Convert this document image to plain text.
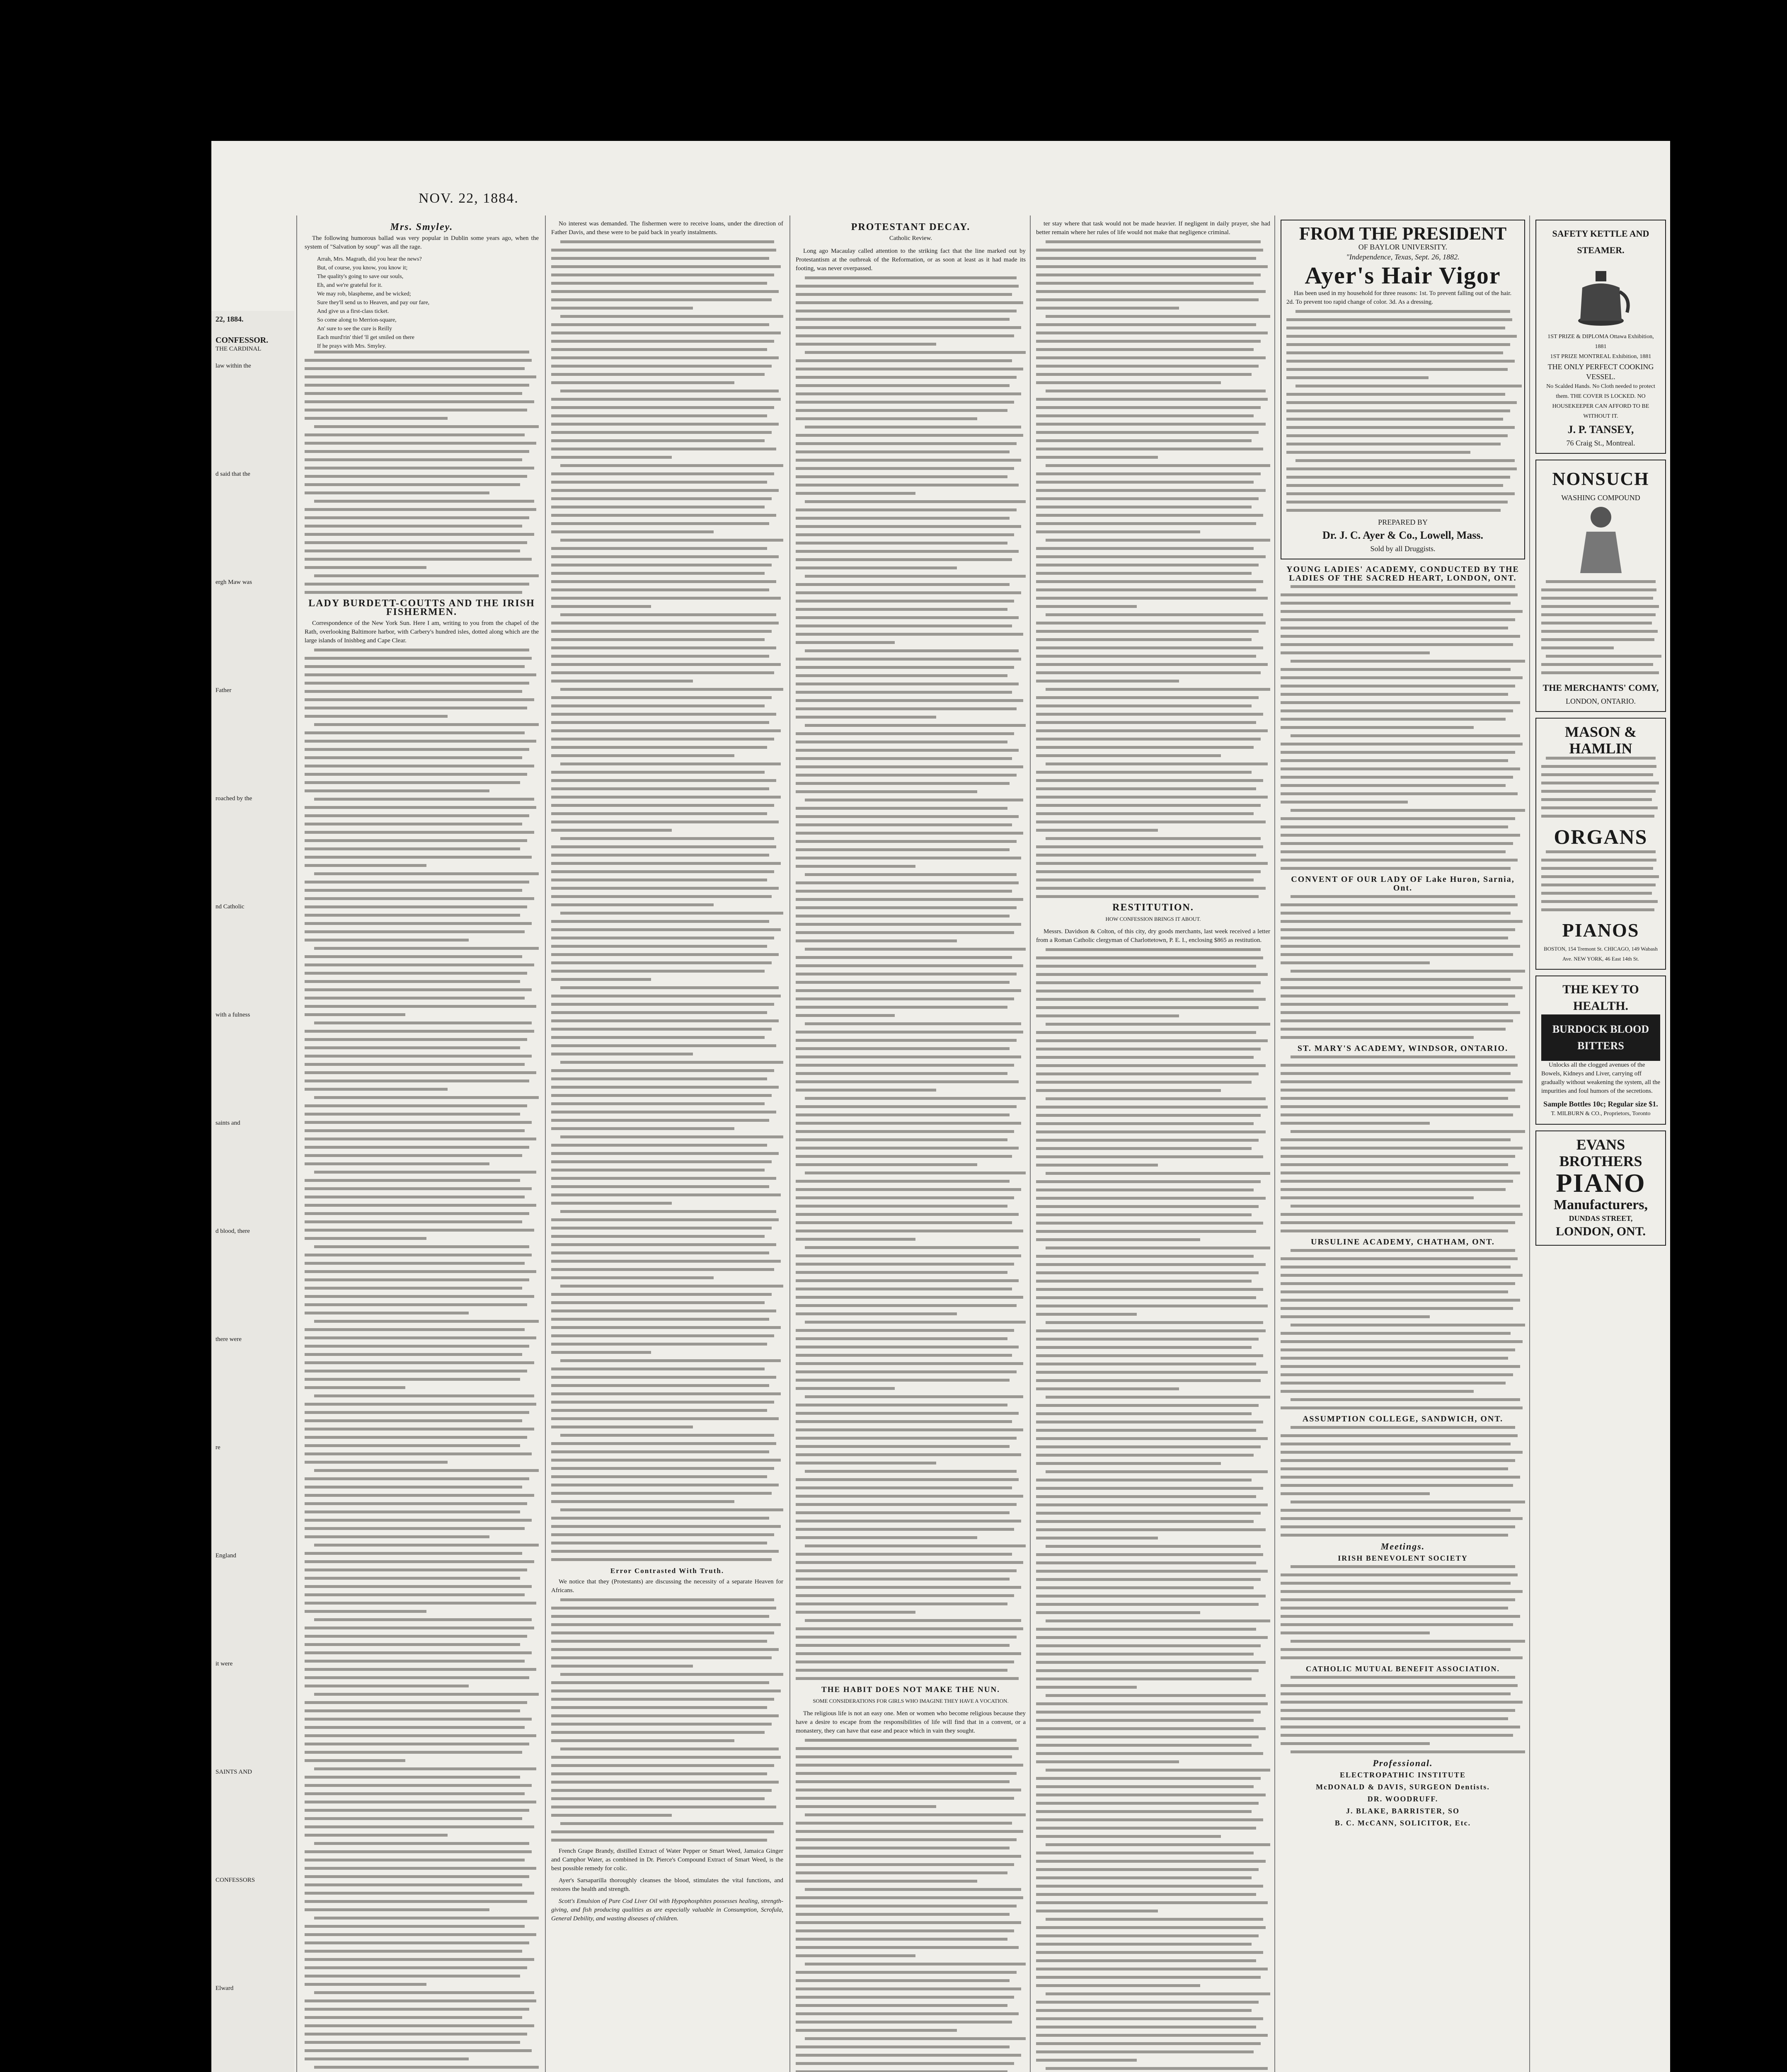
22, 1884.
CONFESSOR.
THE CARDINAL
law within the
d said that the
ergh Maw was
Father
roached by the
nd Catholic
with a fulness
saints and
d blood, there
there were
re
England
it were
SAINTS AND
CONFESSORS
Elward
NOV. 22, 1884.
Mrs. Smyley.

The following humorous ballad was very popular in Dublin some years ago, when the system of "Salvation by soup" was all the rage.

Arrah, Mrs. Magrath, did you hear the news?
But, of course, you know, you know it;
The quality's going to save our souls,
Eh, and we're grateful for it.
We may rob, blaspheme, and be wicked;
Sure they'll send us to Heaven, and pay our fare,
And give us a first-class ticket.
So come along to Merrion-square,
An' sure to see the cure is Reilly
Each murd'rin' thief 'll get smiled on there
If he prays with Mrs. Smyley.
LADY BURDETT-COUTTS AND THE IRISH FISHERMEN.

Correspondence of the New York Sun. Here I am, writing to you from the chapel of the Rath, overlooking Baltimore harbor, with Carbery's hundred isles, dotted along which are the large islands of Inishbeg and Cape Clear.

No interest was demanded. The fishermen were to receive loans, under the direction of Father Davis, and these were to be paid back in yearly instalments.

Error Contrasted With Truth.

We notice that they (Protestants) are discussing the necessity of a separate Heaven for Africans.

French Grape Brandy, distilled Extract of Water Pepper or Smart Weed, Jamaica Ginger and Camphor Water, as combined in Dr. Pierce's Compound Extract of Smart Weed, is the best possible remedy for colic.

Ayer's Sarsaparilla thoroughly cleanses the blood, stimulates the vital functions, and restores the health and strength.

Scott's Emulsion of Pure Cod Liver Oil with Hypophosphites possesses healing, strength-giving, and fish producing qualities as are especially valuable in Consumption, Scrofula, General Debility, and wasting diseases of children.

PROTESTANT DECAY.
Catholic Review.

Long ago Macaulay called attention to the striking fact that the line marked out by Protestantism at the outbreak of the Reformation, or as soon at least as it had made its footing, was never overpassed.

THE HABIT DOES NOT MAKE THE NUN.
SOME CONSIDERATIONS FOR GIRLS WHO IMAGINE THEY HAVE A VOCATION.

The religious life is not an easy one. Men or women who become religious because they have a desire to escape from the responsibilities of life will find that in a convent, or a monastery, they can have that ease and peace which in vain they sought.

ter stay where that task would not be made heavier. If negligent in daily prayer, she had better remain where her rules of life would not make that negligence criminal.

RESTITUTION.
HOW CONFESSION BRINGS IT ABOUT.

Messrs. Davidson & Colton, of this city, dry goods merchants, last week received a letter from a Roman Catholic clergyman of Charlottetown, P. E. I., enclosing $865 as restitution.

FROM THE PRESIDENT
OF BAYLOR UNIVERSITY.
"Independence, Texas, Sept. 26, 1882.
Ayer's Hair Vigor

Has been used in my household for three reasons: 1st. To prevent falling out of the hair. 2d. To prevent too rapid change of color. 3d. As a dressing.

PREPARED BY
Dr. J. C. Ayer & Co., Lowell, Mass.
Sold by all Druggists.
YOUNG LADIES' ACADEMY, CONDUCTED BY THE LADIES OF THE SACRED HEART, LONDON, ONT.
CONVENT OF OUR LADY OF Lake Huron, Sarnia, Ont.
ST. MARY'S ACADEMY, WINDSOR, ONTARIO.
URSULINE ACADEMY, CHATHAM, ONT.
ASSUMPTION COLLEGE, SANDWICH, ONT.
Meetings.
IRISH BENEVOLENT SOCIETY
CATHOLIC MUTUAL BENEFIT ASSOCIATION.
Professional.
ELECTROPATHIC INSTITUTE
McDONALD & DAVIS, SURGEON Dentists.
DR. WOODRUFF.
J. BLAKE, BARRISTER, SO
B. C. McCANN, SOLICITOR, Etc.
SAFETY KETTLE AND STEAMER.
1ST PRIZE & DIPLOMA Ottawa Exhibition, 1881
1ST PRIZE MONTREAL Exhibition, 1881
THE ONLY PERFECT COOKING VESSEL.
No Scalded Hands. No Cloth needed to protect them. THE COVER IS LOCKED. NO HOUSEKEEPER CAN AFFORD TO BE WITHOUT IT.
J. P. TANSEY,
76 Craig St., Montreal.
NONSUCH
WASHING COMPOUND
THE MERCHANTS' COMY,
LONDON, ONTARIO.
MASON & HAMLIN
ORGANS
PIANOS
BOSTON, 154 Tremont St. CHICAGO, 149 Wabash Ave. NEW YORK, 46 East 14th St.
THE KEY TO HEALTH.
BURDOCK BLOOD BITTERS

Unlocks all the clogged avenues of the Bowels, Kidneys and Liver, carrying off gradually without weakening the system, all the impurities and foul humors of the secretions.

Sample Bottles 10c; Regular size $1.
T. MILBURN & CO., Proprietors, Toronto
EVANS BROTHERS
PIANO
Manufacturers,
DUNDAS STREET,
LONDON, ONT.
